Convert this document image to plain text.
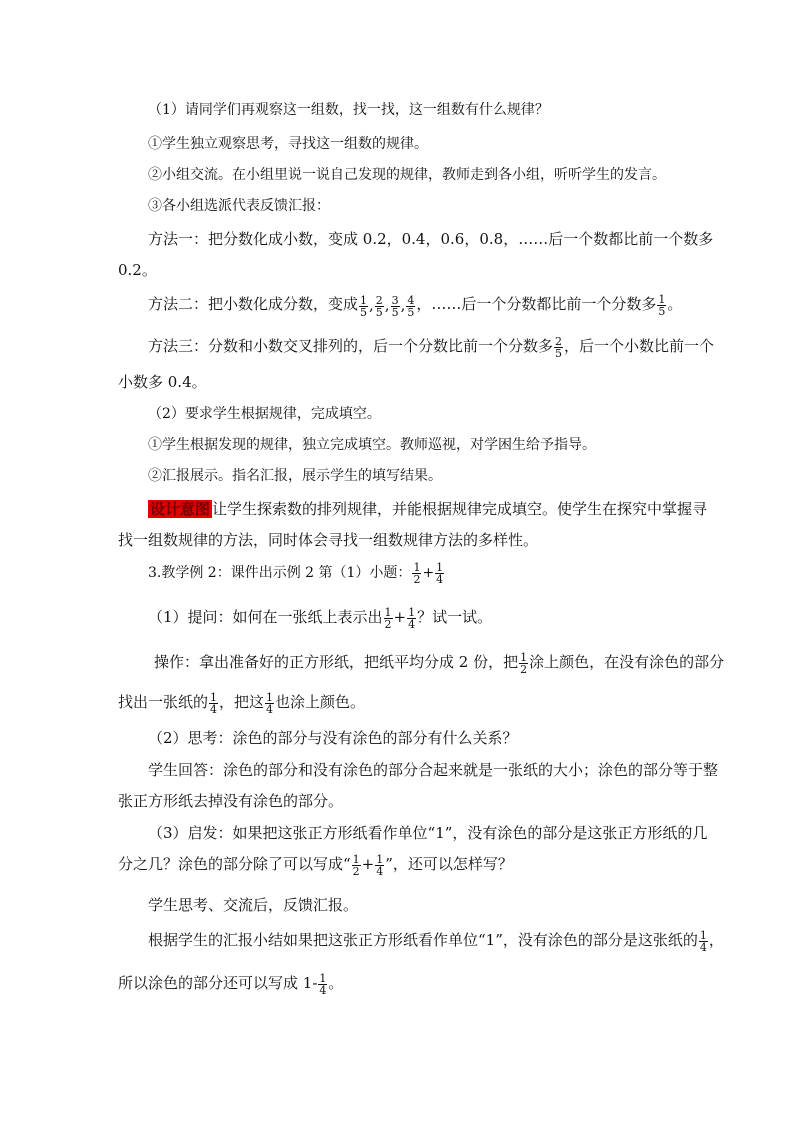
（1）请同学们再观察这一组数，找一找，这一组数有什么规律？
①学生独立观察思考，寻找这一组数的规律。
②小组交流。在小组里说一说自己发现的规律，教师走到各小组，听听学生的发言。
③各小组选派代表反馈汇报：
方法一：把分数化成小数，变成 0.2，0.4，0.6，0.8，……后一个数都比前一个数多
0.2。
方法二：把小数化成分数，变成 $\frac{1}{5}$ , $\frac{2}{5}$ , $\frac{3}{5}$ , $\frac{4}{5}$ ，……后一个分数都比前一个分数多 $\frac{1}{5}$ 。
方法三：分数和小数交叉排列的，后一个分数比前一个分数多 $\frac{2}{5}$ ，后一个小数比前一个
小数多 0.4。
（2）要求学生根据规律，完成填空。
①学生根据发现的规律，独立完成填空。教师巡视，对学困生给予指导。
②汇报展示。指名汇报，展示学生的填写结果。
设计意图 让学生探索数的排列规律，并能根据规律完成填空。使学生在探究中掌握寻
找一组数规律的方法，同时体会寻找一组数规律方法的多样性。
3.教学例 2：课件出示例 2 第（1）小题： $\frac{1}{2} + \frac{1}{4}$
（1）提问：如何在一张纸上表示出 $\frac{1}{2} + \frac{1}{4}$ ？试一试。
操作：拿出准备好的正方形纸，把纸平均分成 2 份，把 $\frac{1}{2}$ 涂上颜色，在没有涂色的部分
找出一张纸的 $\frac{1}{4}$ ，把这 $\frac{1}{4}$ 也涂上颜色。
（2）思考：涂色的部分与没有涂色的部分有什么关系？
学生回答：涂色的部分和没有涂色的部分合起来就是一张纸的大小；涂色的部分等于整
张正方形纸去掉没有涂色的部分。
（3）启发：如果把这张正方形纸看作单位“1”，没有涂色的部分是这张正方形纸的几
分之几？涂色的部分除了可以写成“ $\frac{1}{2} + \frac{1}{4}$ ”，还可以怎样写？
学生思考、交流后，反馈汇报。
根据学生的汇报小结如果把这张正方形纸看作单位“1”，没有涂色的部分是这张纸的 $\frac{1}{4}$ ，
所以涂色的部分还可以写成 $1- \frac{1}{4}$ 。
